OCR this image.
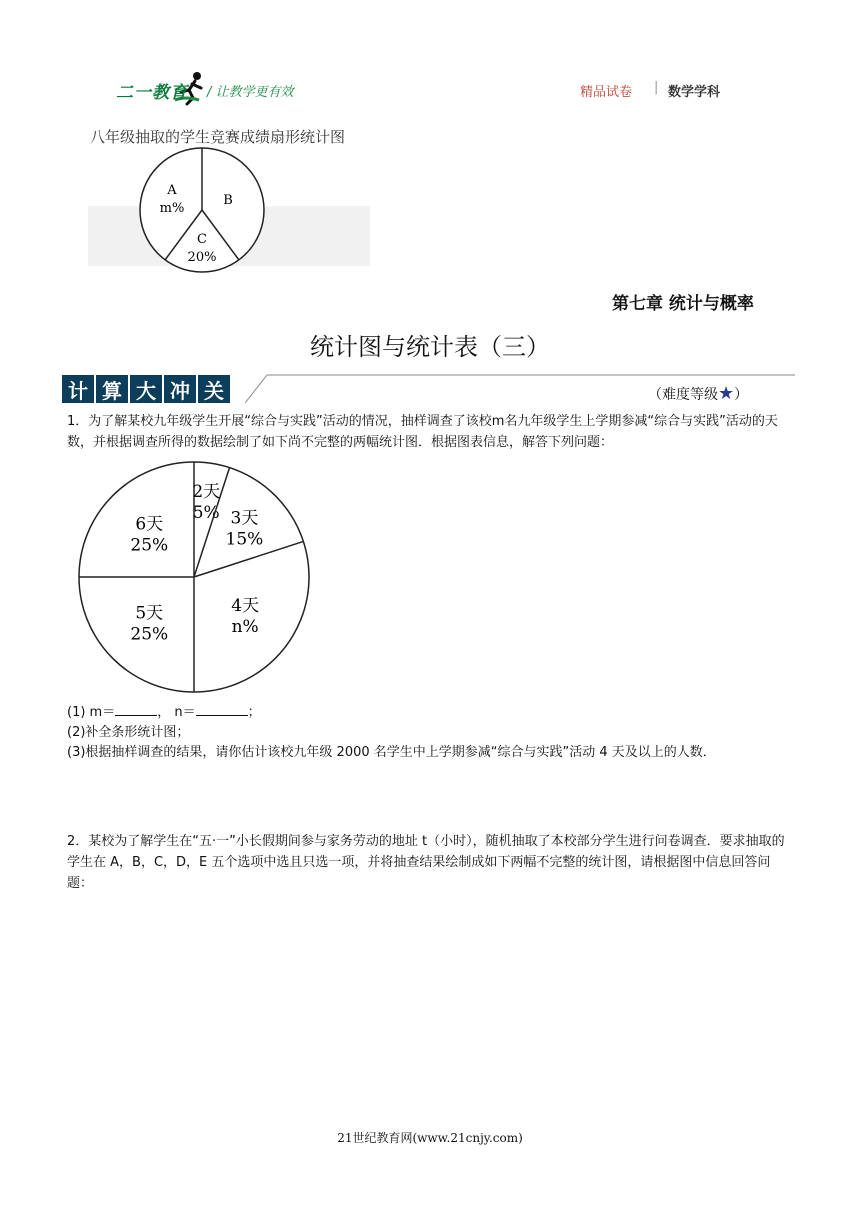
二一教育 / 让教学更有效	精品试卷 | 数学学科
八年级抽取的学生竞赛成绩扇形统计图
A
m%
B
C
20%
第七章 统计与概率
统计图与统计表（三）
计 算 大 冲 关	（难度等级★）
1．为了解某校九年级学生开展“综合与实践”活动的情况，抽样调查了该校m名九年级学生上学期参减“综合与实践”活动的天数，并根据调查所得的数据绘制了如下尚不完整的两幅统计图．根据图表信息，解答下列问题：
2天
5% 3天
15%
4天
n%
5天
25%
6天
25%
(1) m＝	， n＝	；
(2)补全条形统计图；
(3)根据抽样调查的结果，请你估计该校九年级 2000 名学生中上学期参减“综合与实践”活动 4 天及以上的人数．
2．某校为了解学生在“五·一”小长假期间参与家务劳动的地址 t（小时），随机抽取了本校部分学生进行问卷调查．要求抽取的学生在 A，B，C，D，E 五个选项中选且只选一项，并将抽查结果绘制成如下两幅不完整的统计图，请根据图中信息回答问题：
21世纪教育网(www.21cnjy.com)
